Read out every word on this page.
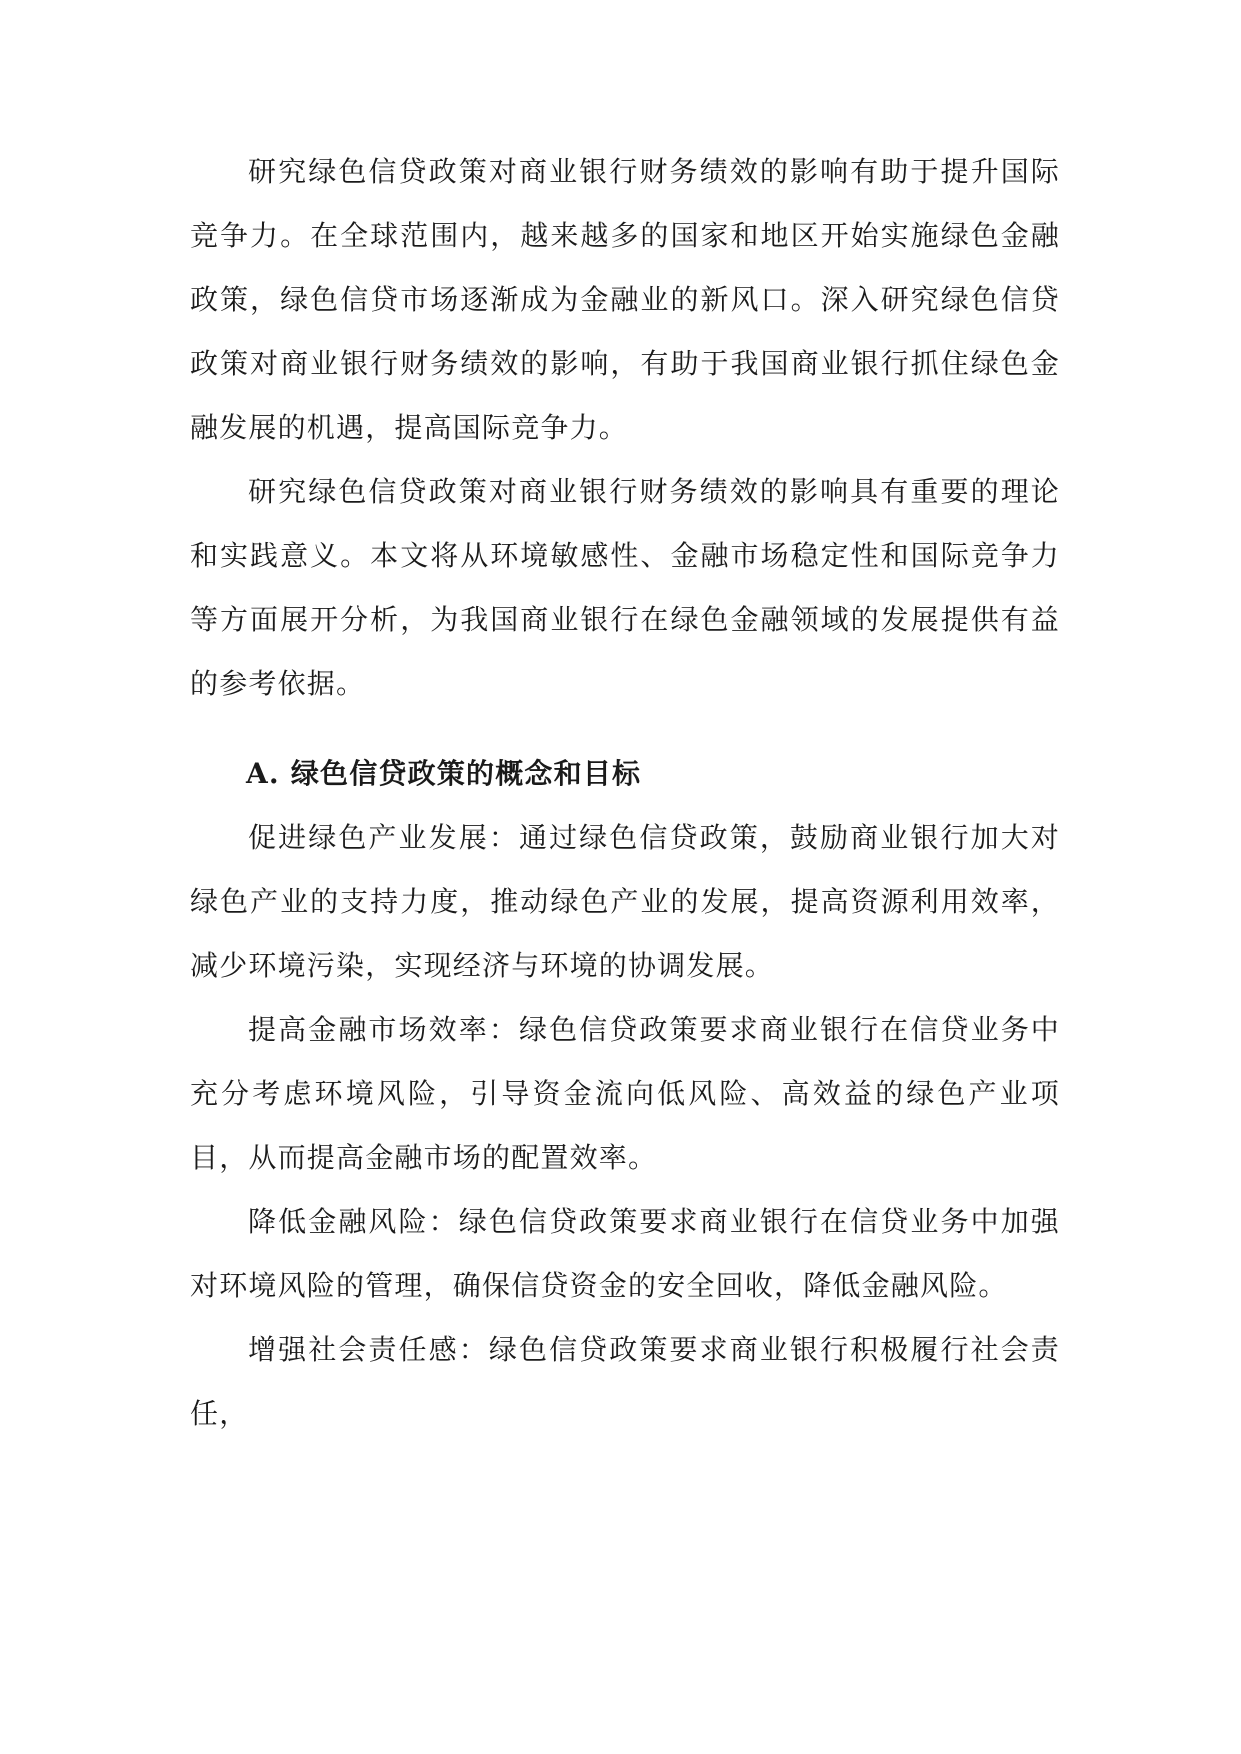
研究绿色信贷政策对商业银行财务绩效的影响有助于提升国际竞争力。在全球范围内，越来越多的国家和地区开始实施绿色金融政策，绿色信贷市场逐渐成为金融业的新风口。深入研究绿色信贷政策对商业银行财务绩效的影响，有助于我国商业银行抓住绿色金融发展的机遇，提高国际竞争力。

研究绿色信贷政策对商业银行财务绩效的影响具有重要的理论和实践意义。本文将从环境敏感性、金融市场稳定性和国际竞争力等方面展开分析，为我国商业银行在绿色金融领域的发展提供有益的参考依据。

A. 绿色信贷政策的概念和目标

促进绿色产业发展：通过绿色信贷政策，鼓励商业银行加大对绿色产业的支持力度，推动绿色产业的发展，提高资源利用效率，减少环境污染，实现经济与环境的协调发展。

提高金融市场效率：绿色信贷政策要求商业银行在信贷业务中充分考虑环境风险，引导资金流向低风险、高效益的绿色产业项目，从而提高金融市场的配置效率。

降低金融风险：绿色信贷政策要求商业银行在信贷业务中加强对环境风险的管理，确保信贷资金的安全回收，降低金融风险。

增强社会责任感：绿色信贷政策要求商业银行积极履行社会责任，
